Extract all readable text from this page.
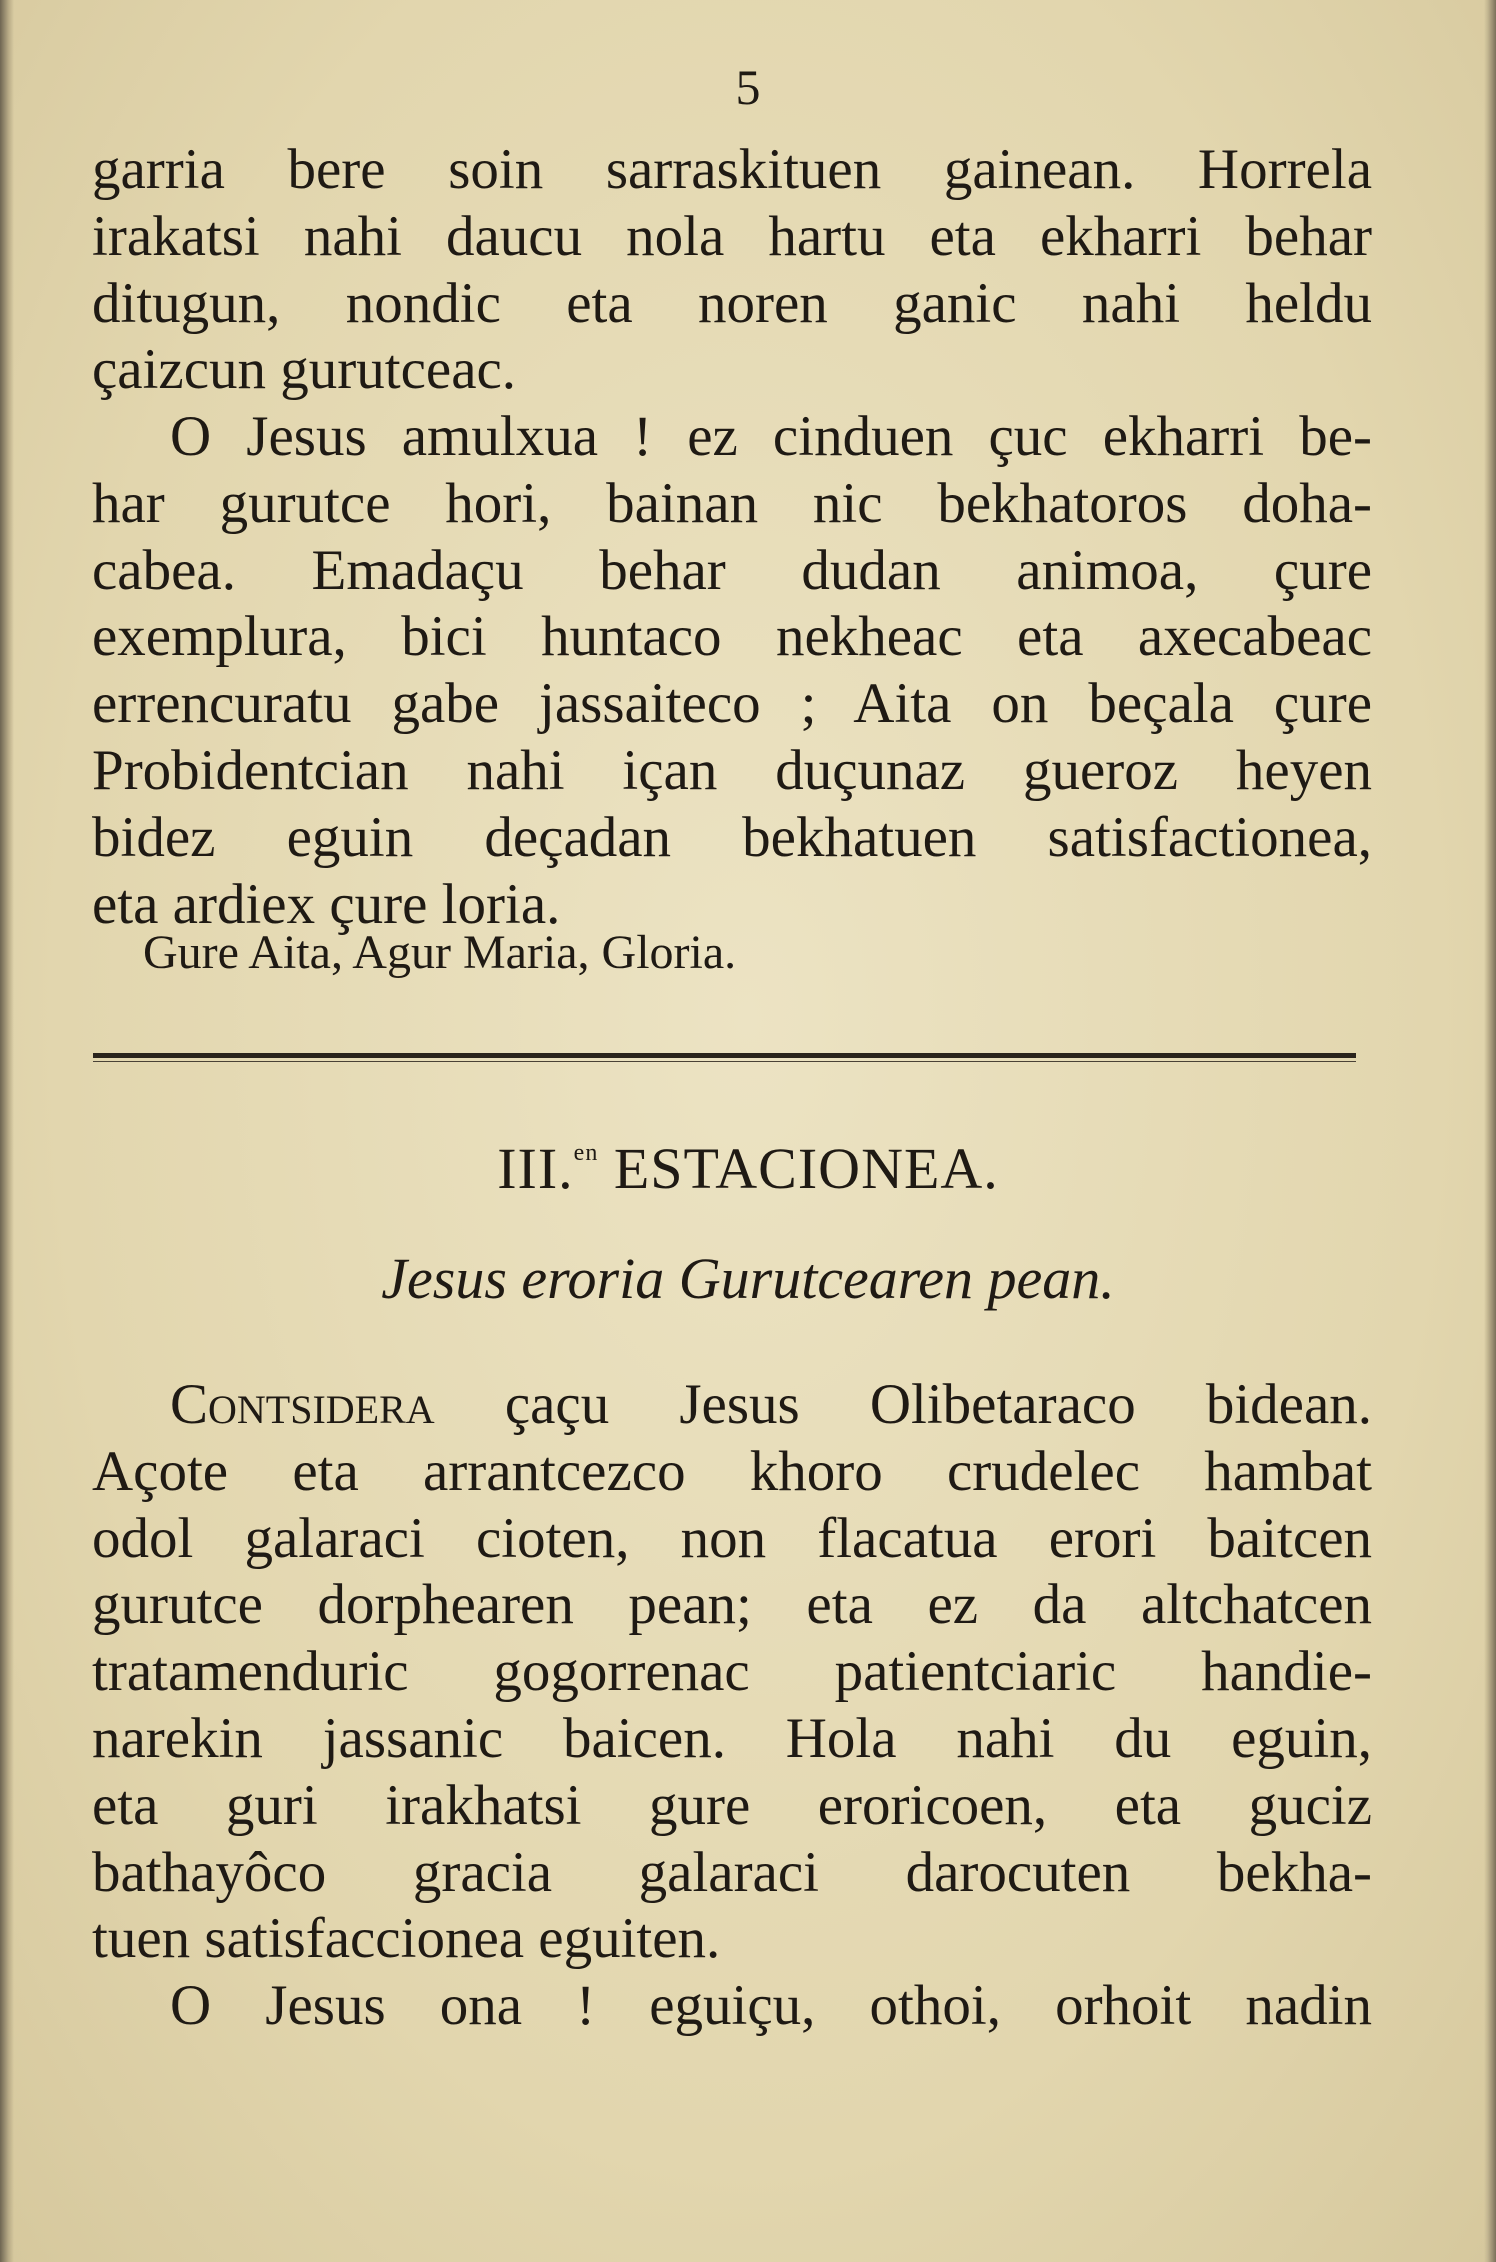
5
garria bere soin sarraskituen gainean. Horrela
irakatsi nahi daucu nola hartu eta ekharri behar
ditugun, nondic eta noren ganic nahi heldu
çaizcun gurutceac.
O Jesus amulxua ! ez cinduen çuc ekharri be-
har gurutce hori, bainan nic bekhatoros doha-
cabea. Emadaçu behar dudan animoa, çure
exemplura, bici huntaco nekheac eta axecabeac
errencuratu gabe jassaiteco ; Aita on beçala çure
Probidentcian nahi içan duçunaz gueroz heyen
bidez eguin deçadan bekhatuen satisfactionea,
eta ardiex çure loria.
Gure Aita, Agur Maria, Gloria.
III.$^{en}$ ESTACIONEA.
Jesus eroria Gurutcearen pean.
Contsidera çaçu Jesus Olibetaraco bidean.
Açote eta arrantcezco khoro crudelec hambat
odol galaraci cioten, non flacatua erori baitcen
gurutce dorphearen pean; eta ez da altchatcen
tratamenduric gogorrenac patientciaric handie-
narekin jassanic baicen. Hola nahi du eguin,
eta guri irakhatsi gure eroricoen, eta guciz
bathayôco gracia galaraci darocuten bekha-
tuen satisfaccionea eguiten.
O Jesus ona ! eguiçu, othoi, orhoit nadin
